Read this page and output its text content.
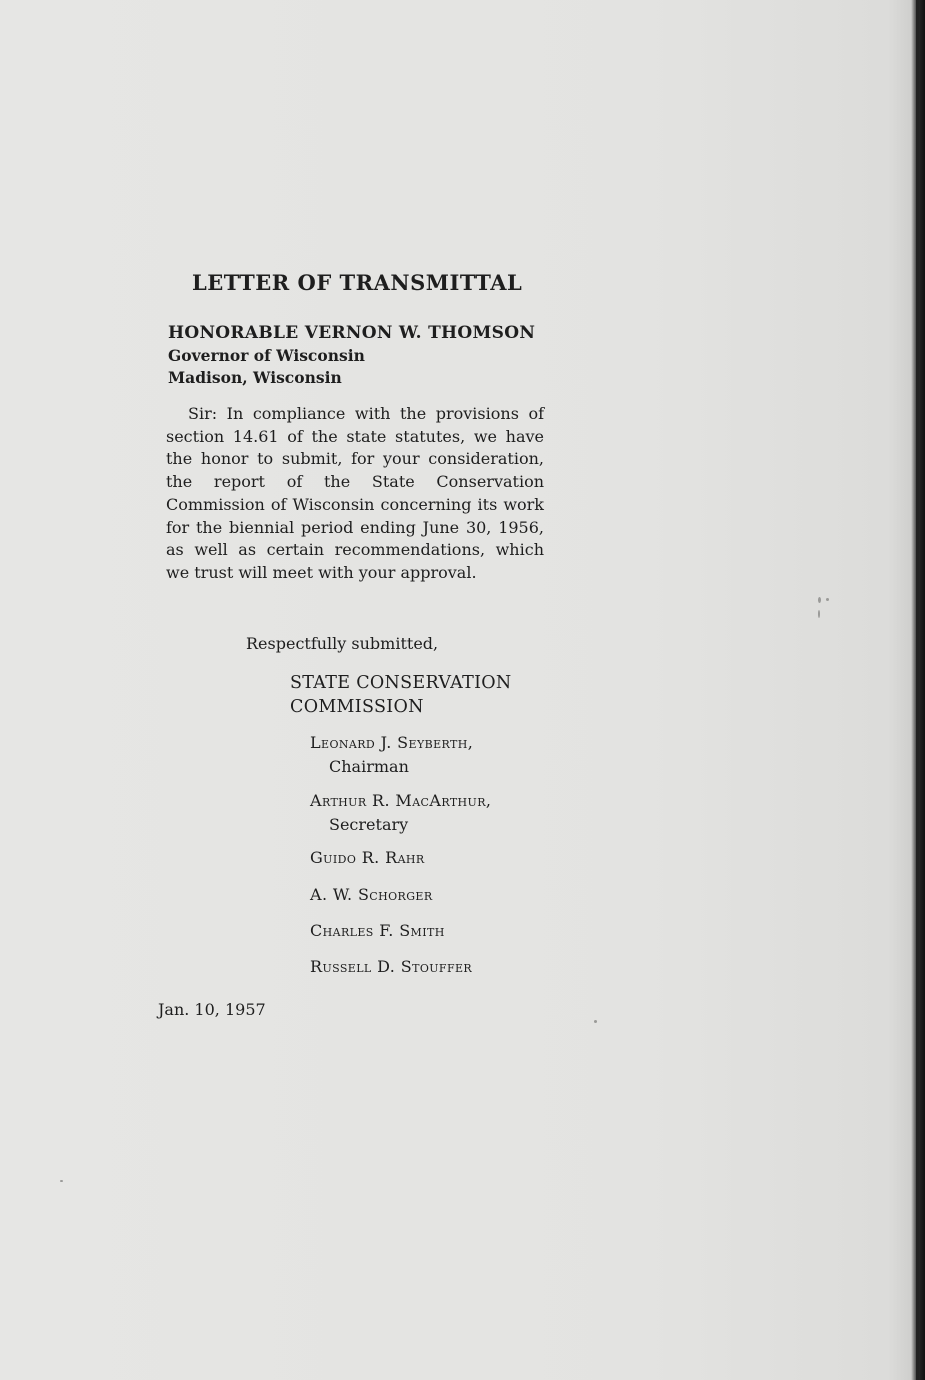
LETTER OF TRANSMITTAL
HONORABLE VERNON W. THOMSON
Governor of Wisconsin
Madison, Wisconsin
Sir: In compliance with the provisions of section 14.61 of the state statutes, we have the honor to submit, for your consideration, the report of the State Conservation Commission of Wisconsin concerning its work for the biennial period ending June 30, 1956, as well as certain recommendations, which we trust will meet with your approval.
Respectfully submitted,
STATE CONSERVATION
COMMISSION
Leonard J. Seyberth,
Chairman
Arthur R. MacArthur,
Secretary
Guido R. Rahr
A. W. Schorger
Charles F. Smith
Russell D. Stouffer
Jan. 10, 1957
